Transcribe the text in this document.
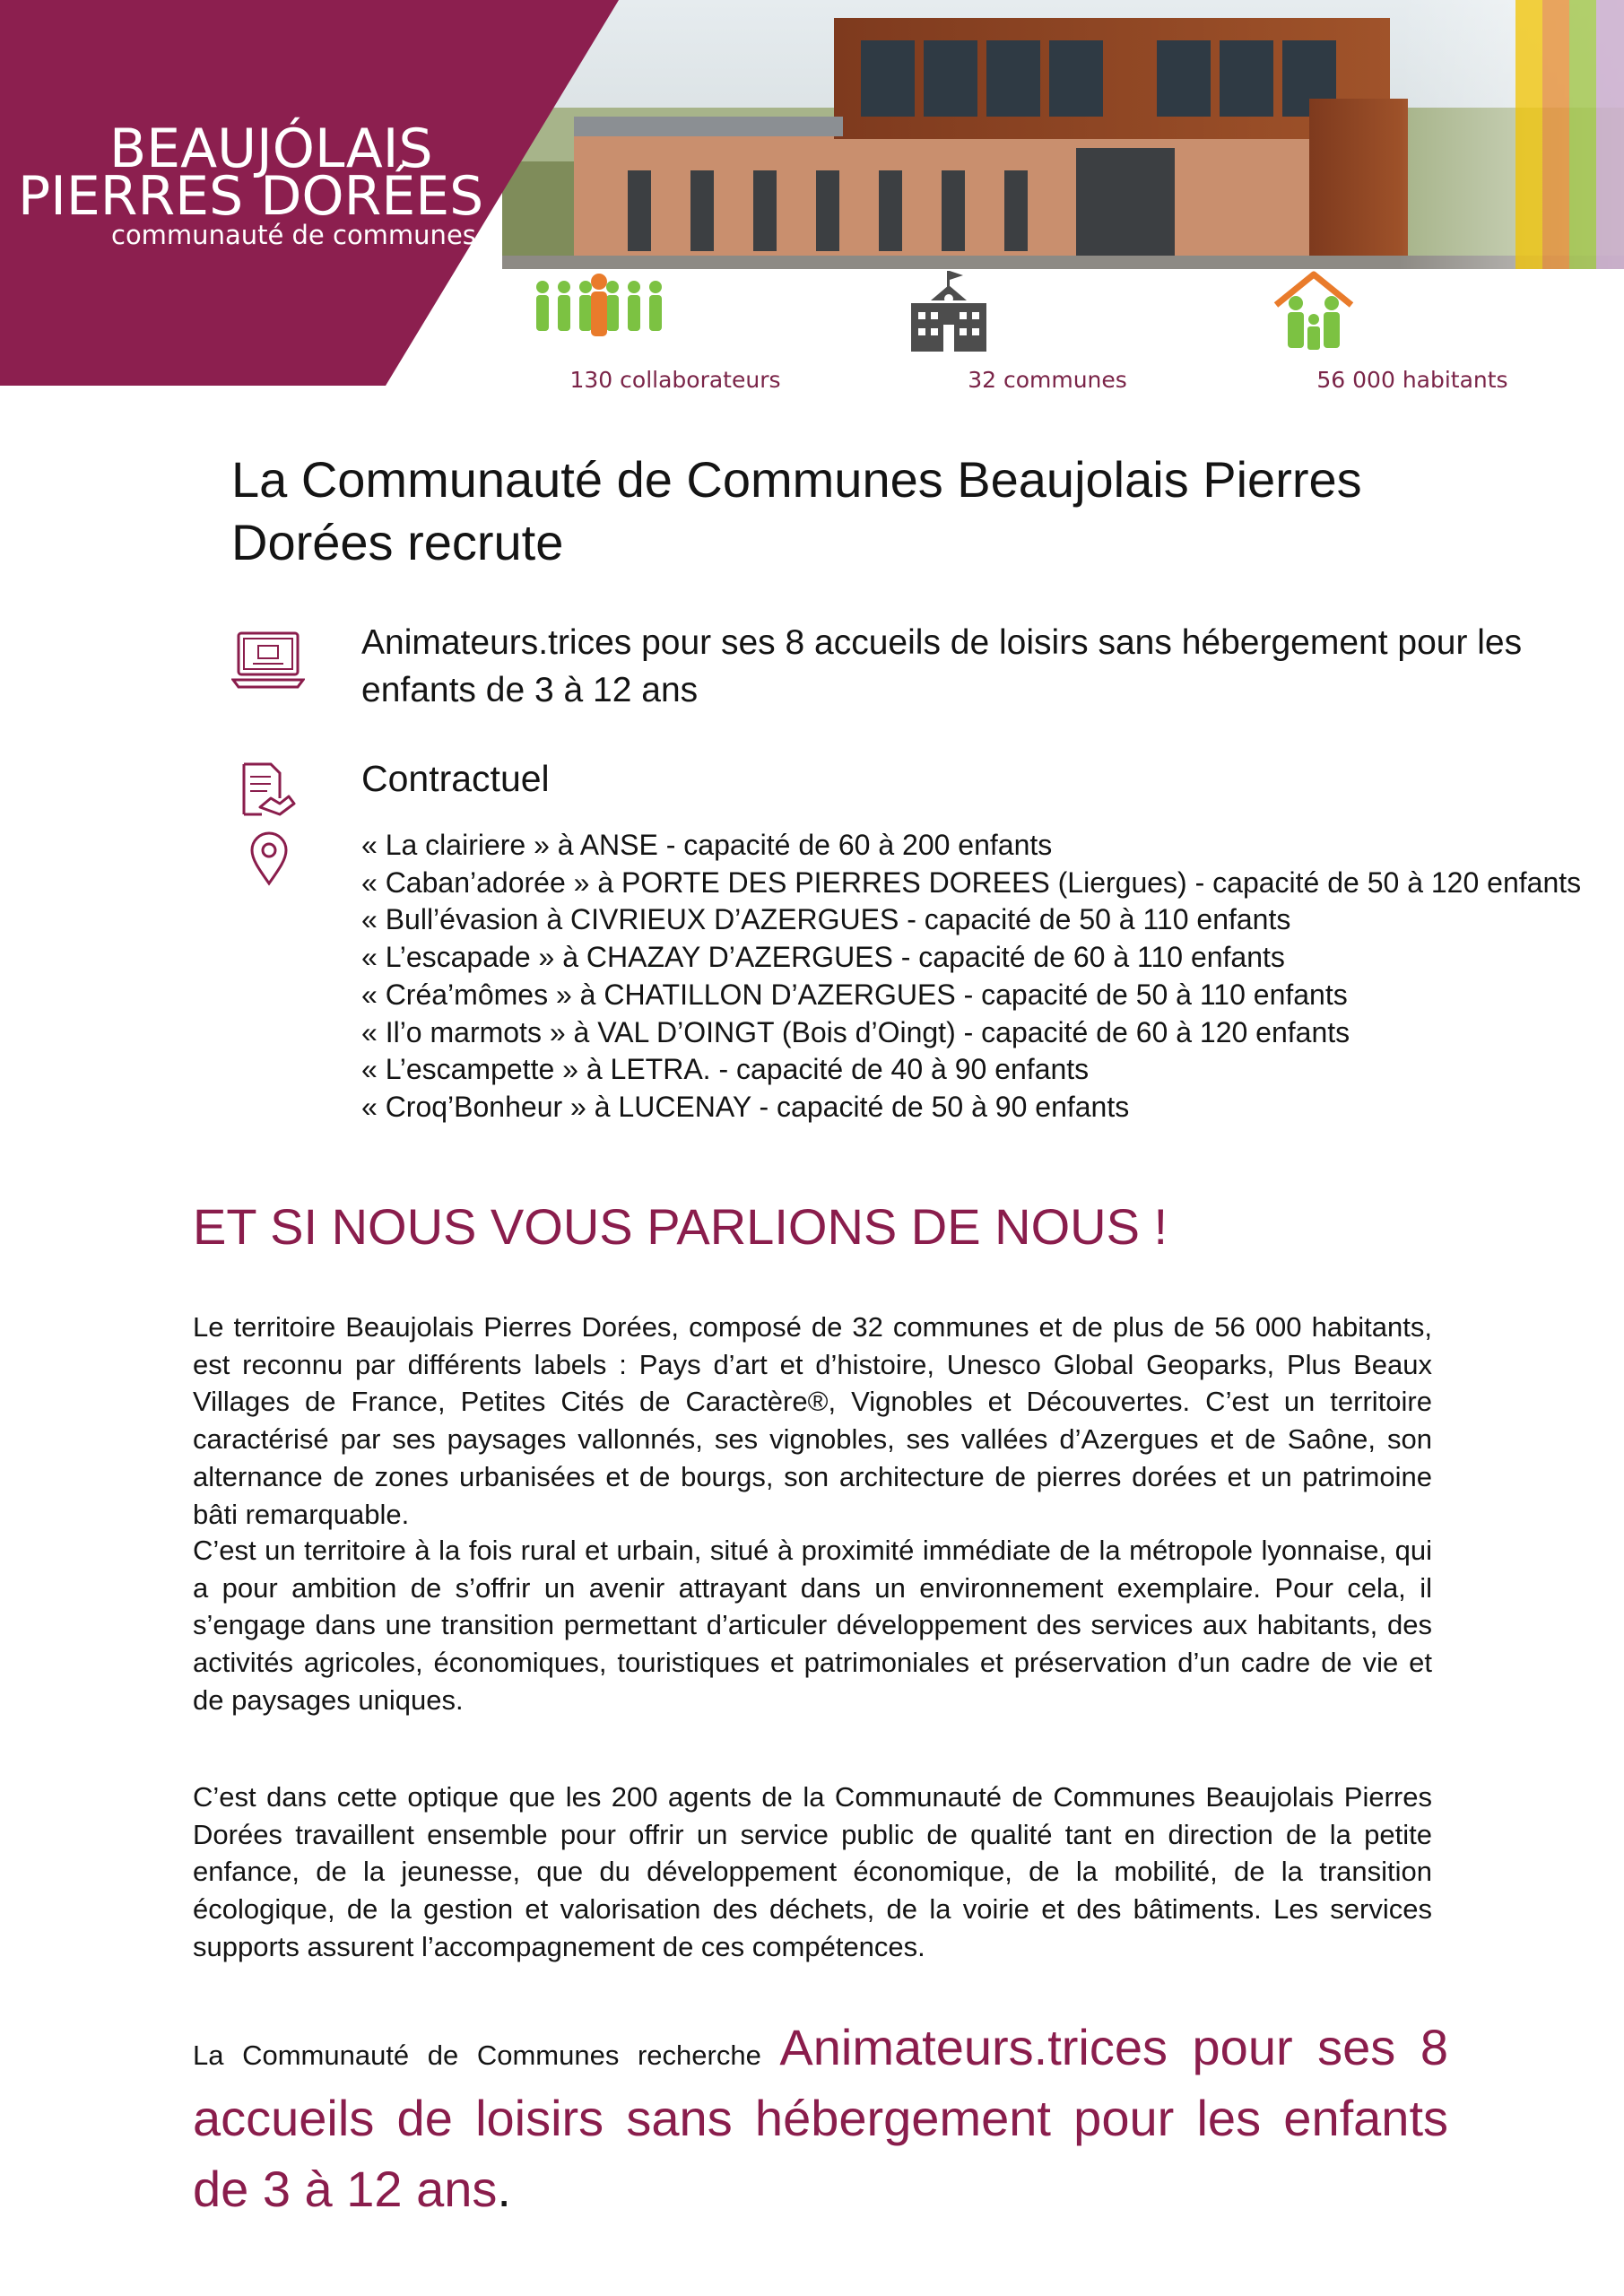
BEAUJÓLAIS
PIERRES DORÉES
communauté de communes
130 collaborateurs	32 communes	56 000 habitants
La Communauté de Communes Beaujolais Pierres Dorées recrute
Animateurs.trices pour ses 8 accueils de loisirs sans hébergement pour les enfants de 3 à 12 ans
Contractuel
« La clairiere » à ANSE - capacité de 60 à 200 enfants
« Caban’adorée » à PORTE DES PIERRES DOREES (Liergues) - capacité de 50 à 120 enfants
« Bull’évasion à CIVRIEUX D’AZERGUES - capacité de 50 à 110 enfants
« L’escapade » à CHAZAY D’AZERGUES - capacité de 60 à 110 enfants
« Créa’mômes » à CHATILLON D’AZERGUES - capacité de 50 à 110 enfants
« Il’o marmots » à VAL D’OINGT (Bois d’Oingt) - capacité de 60 à 120 enfants
« L’escampette » à LETRA. - capacité de 40 à 90 enfants
« Croq’Bonheur » à LUCENAY - capacité de 50 à 90 enfants
ET SI NOUS VOUS PARLIONS DE NOUS !

Le territoire Beaujolais Pierres Dorées, composé de 32 communes et de plus de 56 000 habitants, est reconnu par différents labels : Pays d’art et d’histoire, Unesco Global Geoparks, Plus Beaux Villages de France, Petites Cités de Caractère®, Vignobles et Découvertes. C’est un territoire caractérisé par ses paysages vallonnés, ses vignobles, ses vallées d’Azergues et de Saône, son alternance de zones urbanisées et de bourgs, son architecture de pierres dorées et un patrimoine bâti remarquable.

C’est un territoire à la fois rural et urbain, situé à proximité immédiate de la métropole lyonnaise, qui a pour ambition de s’offrir un avenir attrayant dans un environnement exemplaire. Pour cela, il s’engage dans une transition permettant d’articuler développement des services aux habitants, des activités agricoles, économiques, touristiques et patrimoniales et préservation d’un cadre de vie et de paysages uniques.

C’est dans cette optique que les 200 agents de la Communauté de Communes Beaujolais Pierres Dorées travaillent ensemble pour offrir un service public de qualité tant en direction de la petite enfance, de la jeunesse, que du développement économique, de la mobilité, de la transition écologique, de la gestion et valorisation des déchets, de la voirie et des bâtiments. Les services supports assurent l’accompagnement de ces compétences.

La Communauté de Communes recherche Animateurs.trices pour ses 8 accueils de loisirs sans hébergement pour les enfants de 3 à 12 ans.
